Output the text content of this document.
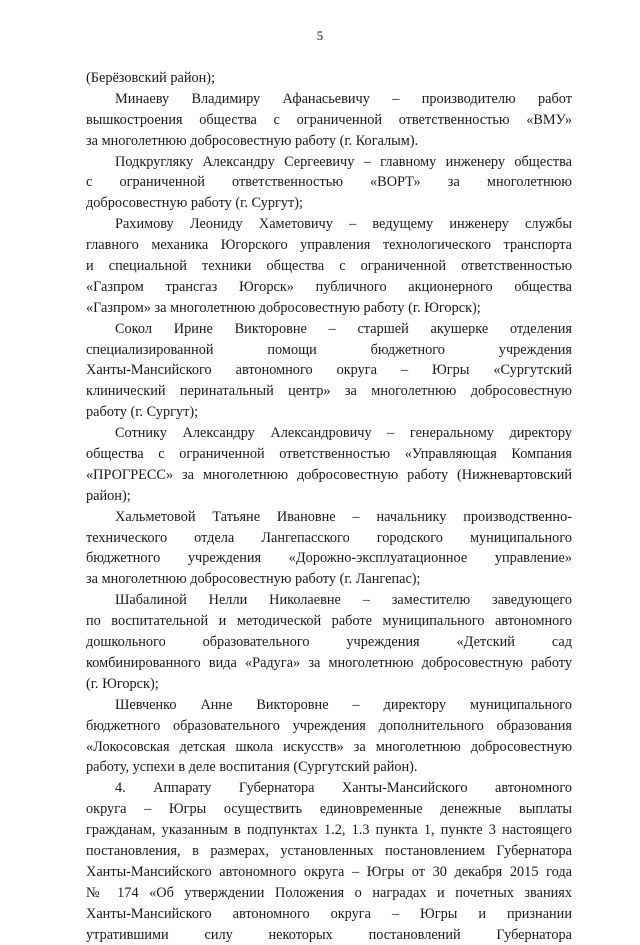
5
(Берёзовский район);
Минаеву Владимиру Афанасьевичу – производителю работ
вышкостроения общества с ограниченной ответственностью «ВМУ»
за многолетнюю добросовестную работу (г. Когалым).
Подкругляку Александру Сергеевичу – главному инженеру общества
с ограниченной ответственностью «ВОРТ» за многолетнюю
добросовестную работу (г. Сургут);
Рахимову Леониду Хаметовичу – ведущему инженеру службы
главного механика Югорского управления технологического транспорта
и специальной техники общества с ограниченной ответственностью
«Газпром трансгаз Югорск» публичного акционерного общества
«Газпром» за многолетнюю добросовестную работу (г. Югорск);
Сокол Ирине Викторовне – старшей акушерке отделения
специализированной помощи бюджетного учреждения
Ханты-Мансийского автономного округа – Югры «Сургутский
клинический перинатальный центр» за многолетнюю добросовестную
работу (г. Сургут);
Сотнику Александру Александровичу – генеральному директору
общества с ограниченной ответственностью «Управляющая Компания
«ПРОГРЕСС» за многолетнюю добросовестную работу (Нижневартовский
район);
Хальметовой Татьяне Ивановне – начальнику производственно-
технического отдела Лангепасского городского муниципального
бюджетного учреждения «Дорожно-эксплуатационное управление»
за многолетнюю добросовестную работу (г. Лангепас);
Шабалиной Нелли Николаевне – заместителю заведующего
по воспитательной и методической работе муниципального автономного
дошкольного образовательного учреждения «Детский сад
комбинированного вида «Радуга» за многолетнюю добросовестную работу
(г. Югорск);
Шевченко Анне Викторовне – директору муниципального
бюджетного образовательного учреждения дополнительного образования
«Локосовская детская школа искусств» за многолетнюю добросовестную
работу, успехи в деле воспитания (Сургутский район).
4. Аппарату Губернатора Ханты-Мансийского автономного
округа – Югры осуществить единовременные денежные выплаты
гражданам, указанным в подпунктах 1.2, 1.3 пункта 1, пункте 3 настоящего
постановления, в размерах, установленных постановлением Губернатора
Ханты-Мансийского автономного округа – Югры от 30 декабря 2015 года
№ 174 «Об утверждении Положения о наградах и почетных званиях
Ханты-Мансийского автономного округа – Югры и признании
утратившими силу некоторых постановлений Губернатора
